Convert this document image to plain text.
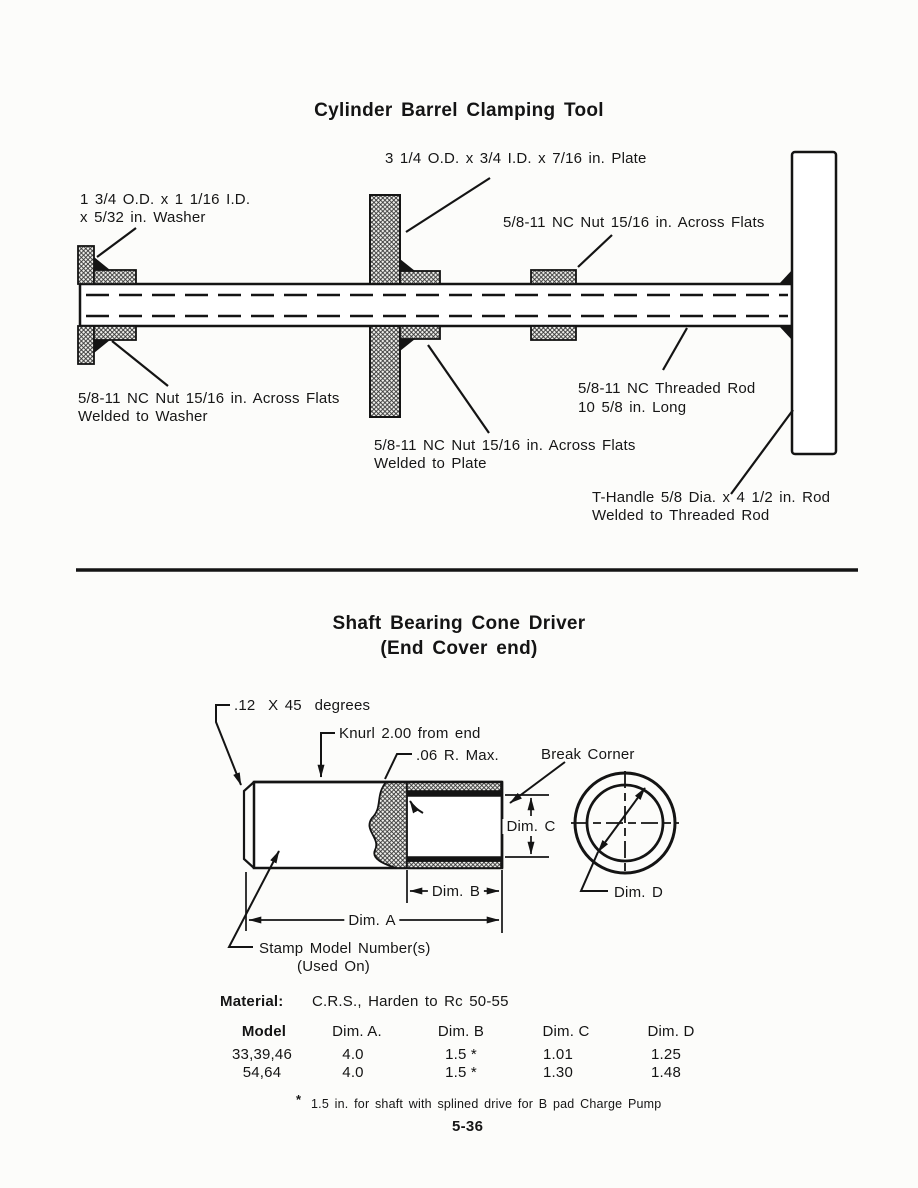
Cylinder Barrel Clamping Tool
3 1/4 O.D. x 3/4 I.D. x 7/16 in. Plate
1 3/4 O.D. x 1 1/16 I.D.
x 5/32 in. Washer	5/8-11 NC Nut 15/16 in. Across Flats
5/8-11 NC Nut 15/16 in. Across Flats
Welded to Washer
5/8-11 NC Nut 15/16 in. Across Flats
Welded to Plate
5/8-11 NC Threaded Rod
10 5/8 in. Long
T-Handle 5/8 Dia. x 4 1/2 in. Rod
Welded to Threaded Rod
Shaft Bearing Cone Driver
(End Cover end)
.12  X 45  degrees
Knurl 2.00 from end
.06 R. Max.	Break Corner
Dim. C
Dim. B
Dim. A
Dim. D
Stamp Model Number(s)
(Used On)
Material: C.R.S., Harden to Rc 50-55
Model	Dim. A.	Dim. B	Dim. C	Dim. D
33,39,46	4.0	1.5 *	1.01	1.25
54,64	4.0	1.5 *	1.30	1.48
* 1.5 in. for shaft with splined drive for B pad Charge Pump
5-36
